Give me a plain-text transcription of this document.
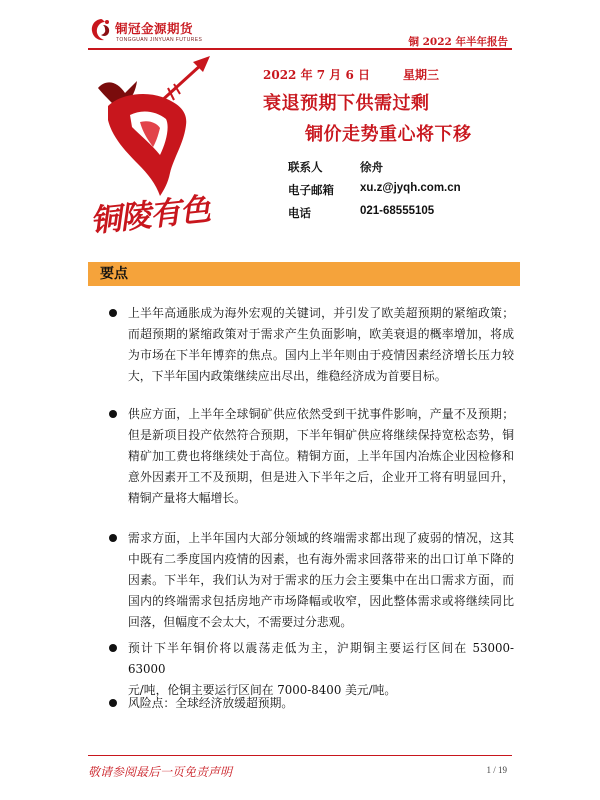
铜冠金源期货
TONGGUAN JINYUAN FUTURES	铜 2022 年半年报告
铜陵有色
2022 年 7 月 6 日	星期三
衰退预期下供需过剩
铜价走势重心将下移
联系人	徐舟
电子邮箱 xu.z@jyqh.com.cn
电话	021-68555105
要点
上半年高通胀成为海外宏观的关键词，并引发了欧美超预期的紧缩政策；
而超预期的紧缩政策对于需求产生负面影响，欧美衰退的概率增加，将成
为市场在下半年博弈的焦点。国内上半年则由于疫情因素经济增长压力较
大，下半年国内政策继续应出尽出，维稳经济成为首要目标。
供应方面，上半年全球铜矿供应依然受到干扰事件影响，产量不及预期；
但是新项目投产依然符合预期，下半年铜矿供应将继续保持宽松态势，铜
精矿加工费也将继续处于高位。精铜方面，上半年国内冶炼企业因检修和
意外因素开工不及预期，但是进入下半年之后，企业开工将有明显回升，
精铜产量将大幅增长。
需求方面，上半年国内大部分领域的终端需求都出现了疲弱的情况，这其
中既有二季度国内疫情的因素，也有海外需求回落带来的出口订单下降的
因素。下半年，我们认为对于需求的压力会主要集中在出口需求方面，而
国内的终端需求包括房地产市场降幅或收窄，因此整体需求或将继续同比
回落，但幅度不会太大，不需要过分悲观。
预计下半年铜价将以震荡走低为主，沪期铜主要运行区间在 53000-63000
元/吨，伦铜主要运行区间在 7000-8400 美元/吨。
风险点：全球经济放缓超预期。
敬请参阅最后一页免责声明	1 / 19
